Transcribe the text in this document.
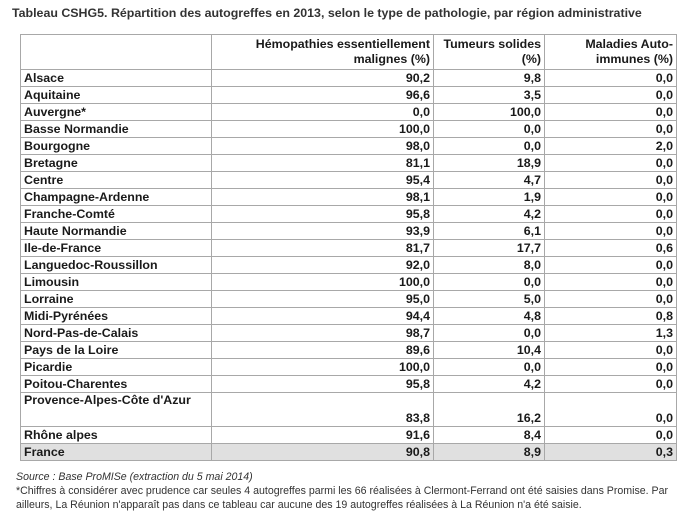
Tableau CSHG5. Répartition des autogreffes en 2013, selon le type de pathologie, par région administrative
	Hémopathies essentiellement malignes (%)	Tumeurs solides (%)	Maladies Auto-immunes (%)
Alsace	90,2	9,8	0,0
Aquitaine	96,6	3,5	0,0
Auvergne*	0,0	100,0	0,0
Basse Normandie	100,0	0,0	0,0
Bourgogne	98,0	0,0	2,0
Bretagne	81,1	18,9	0,0
Centre	95,4	4,7	0,0
Champagne-Ardenne	98,1	1,9	0,0
Franche-Comté	95,8	4,2	0,0
Haute Normandie	93,9	6,1	0,0
Ile-de-France	81,7	17,7	0,6
Languedoc-Roussillon	92,0	8,0	0,0
Limousin	100,0	0,0	0,0
Lorraine	95,0	5,0	0,0
Midi-Pyrénées	94,4	4,8	0,8
Nord-Pas-de-Calais	98,7	0,0	1,3
Pays de la Loire	89,6	10,4	0,0
Picardie	100,0	0,0	0,0
Poitou-Charentes	95,8	4,2	0,0
Provence-Alpes-Côte d'Azur	83,8	16,2	0,0
Rhône alpes	91,6	8,4	0,0
France	90,8	8,9	0,3
Source : Base ProMISe (extraction du 5 mai 2014)
*Chiffres à considérer avec prudence car seules 4 autogreffes parmi les 66 réalisées à Clermont-Ferrand ont été saisies dans Promise. Par ailleurs, La Réunion n'apparaît pas dans ce tableau car aucune des 19 autogreffes réalisées à La Réunion n'a été saisie.
